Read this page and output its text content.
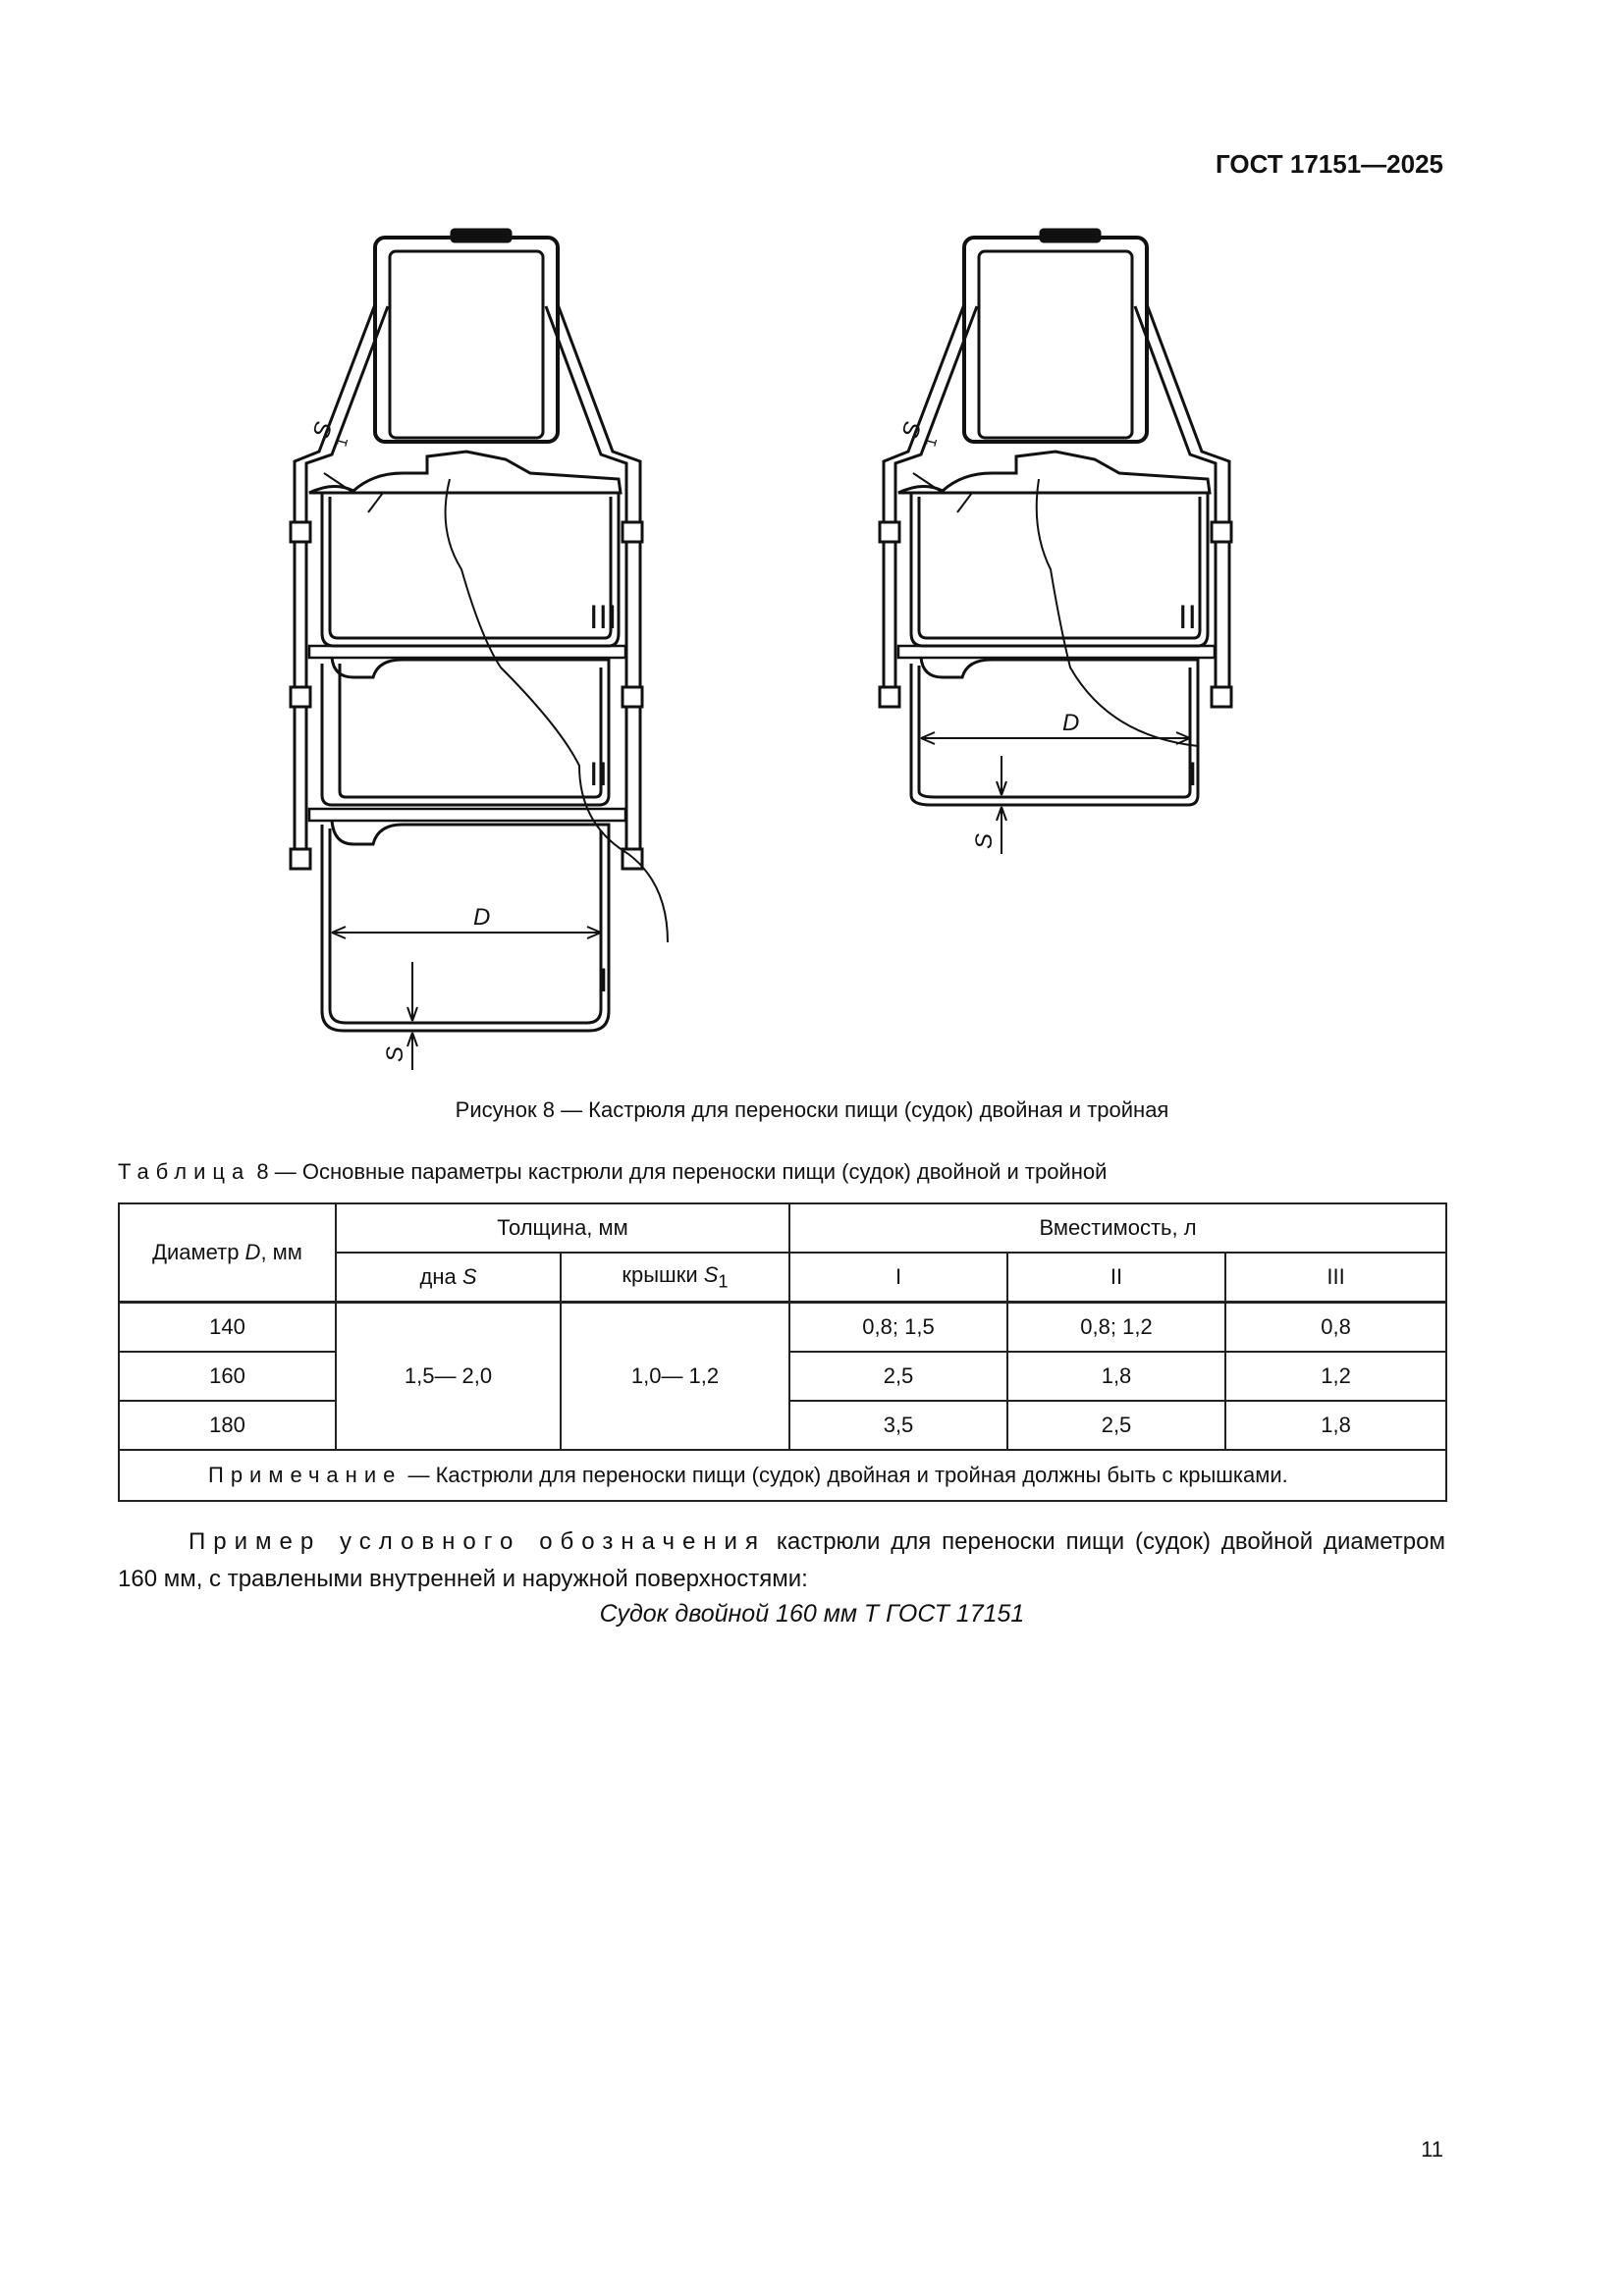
ГОСТ 17151—2025
III
II
I
D
S
S
II
I
D
S
S
1	1
Рисунок 8 — Кастрюля для переноски пищи (судок) двойная и тройная
Таблица 8 — Основные параметры кастрюли для переноски пищи (судок) двойной и тройной
Диаметр D, мм	Толщина, мм		Вместимость, л		
	дна S	крышки $S_1$	I	II	III
140	1,5— 2,0	1,0— 1,2	0,8; 1,5	0,8; 1,2	0,8
160			2,5	1,8	1,2
180			3,5	2,5	1,8
Примечание — Кастрюли для переноски пищи (судок) двойная и тройная должны быть с крышками.					
Пример условного обозначения кастрюли для переноски пищи (судок) двойной диаметром 160 мм, с травлеными внутренней и наружной поверхностями:
Судок двойной 160 мм Т ГОСТ 17151
11
